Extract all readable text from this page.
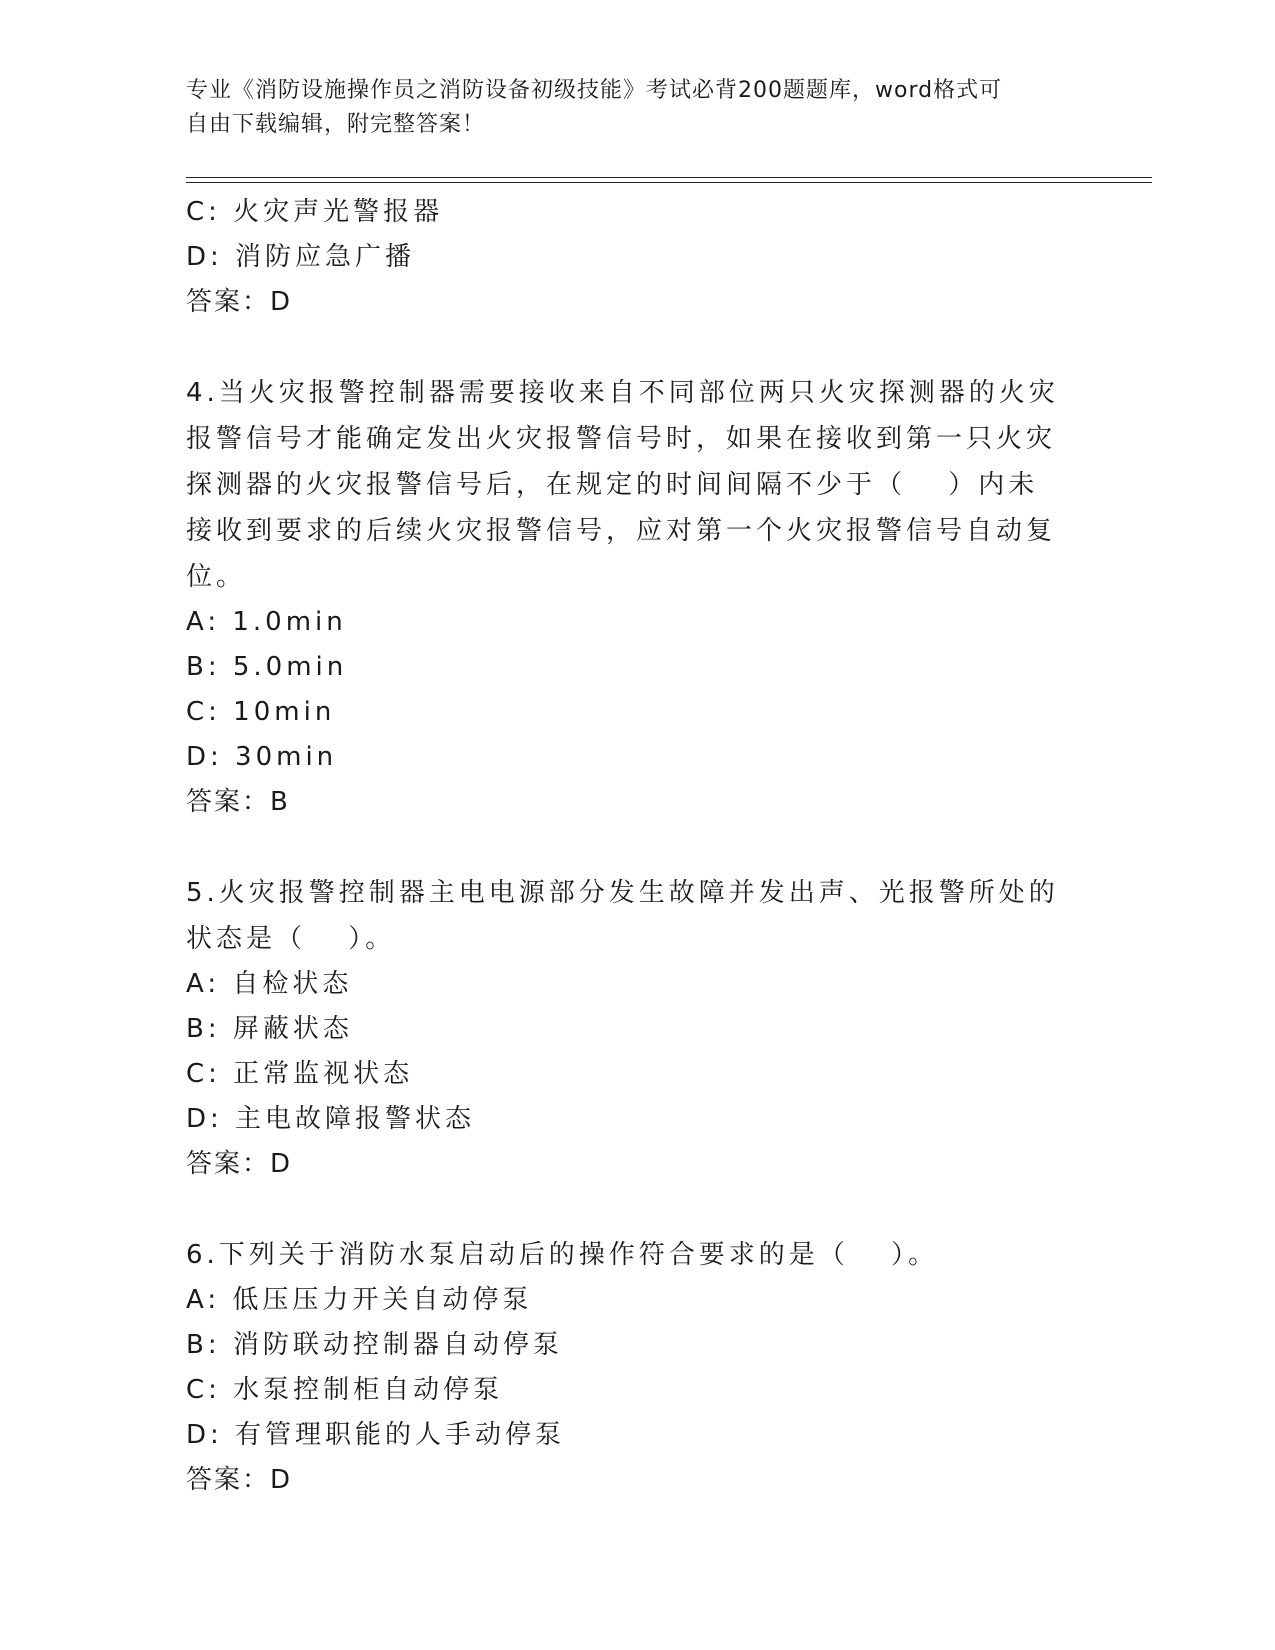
专业《消防设施操作员之消防设备初级技能》考试必背200题题库，word格式可
自由下载编辑，附完整答案！
C: 火灾声光警报器
D: 消防应急广播
答案：D
4.当火灾报警控制器需要接收来自不同部位两只火灾探测器的火灾报警信号才能确定发出火灾报警信号时，如果在接收到第一只火灾探测器的火灾报警信号后，在规定的时间间隔不少于（　 ）内未接收到要求的后续火灾报警信号，应对第一个火灾报警信号自动复位。
A: 1.0min
B: 5.0min
C: 10min
D: 30min
答案：B
5.火灾报警控制器主电电源部分发生故障并发出声、光报警所处的状态是（　 ）。
A: 自检状态
B: 屏蔽状态
C: 正常监视状态
D: 主电故障报警状态
答案：D
6.下列关于消防水泵启动后的操作符合要求的是（　 ）。
A: 低压压力开关自动停泵
B: 消防联动控制器自动停泵
C: 水泵控制柜自动停泵
D: 有管理职能的人手动停泵
答案：D
